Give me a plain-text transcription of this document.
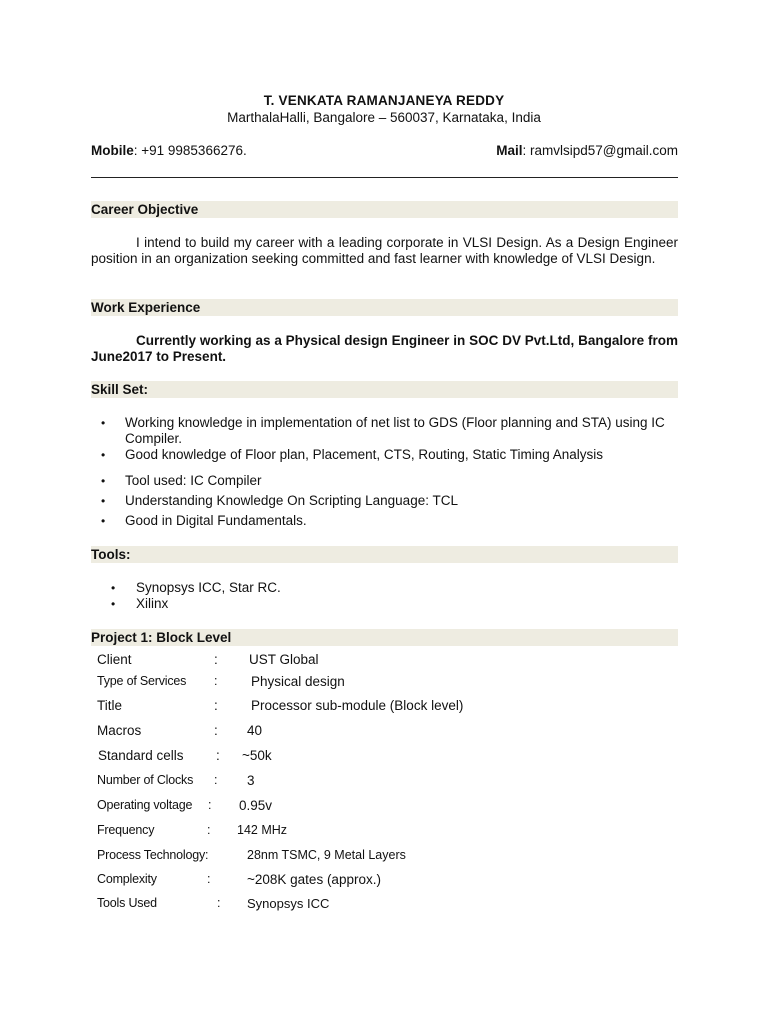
T. VENKATA RAMANJANEYA REDDY
MarthalaHalli, Bangalore – 560037, Karnataka, India
Mobile: +91 9985366276.	Mail: ramvlsipd57@gmail.com
Career Objective
I intend to build my career with a leading corporate in VLSI Design. As a Design Engineer position in an organization seeking committed and fast learner with knowledge of VLSI Design.
Work Experience
Currently working as a Physical design Engineer in SOC DV Pvt.Ltd, Bangalore from June2017 to Present.
Skill Set:
• Working knowledge in implementation of net list to GDS (Floor planning and STA) using IC Compiler.
• Good knowledge of Floor plan, Placement, CTS, Routing, Static Timing Analysis
• Tool used: IC Compiler
• Understanding Knowledge On Scripting Language: TCL
• Good in Digital Fundamentals.
Tools:
• Synopsys ICC, Star RC.
• Xilinx
Project 1: Block Level
Client	: UST Global
Type of Services : Physical design
Title	: Processor sub-module (Block level)
Macros	: 40
Standard cells : ~50k
Number of Clocks : 3
Operating voltage : 0.95v
Frequency	: 142 MHz
Process Technology:	28nm TSMC, 9 Metal Layers
Complexity	:	~208K gates (approx.)
Tools Used	: Synopsys ICC
